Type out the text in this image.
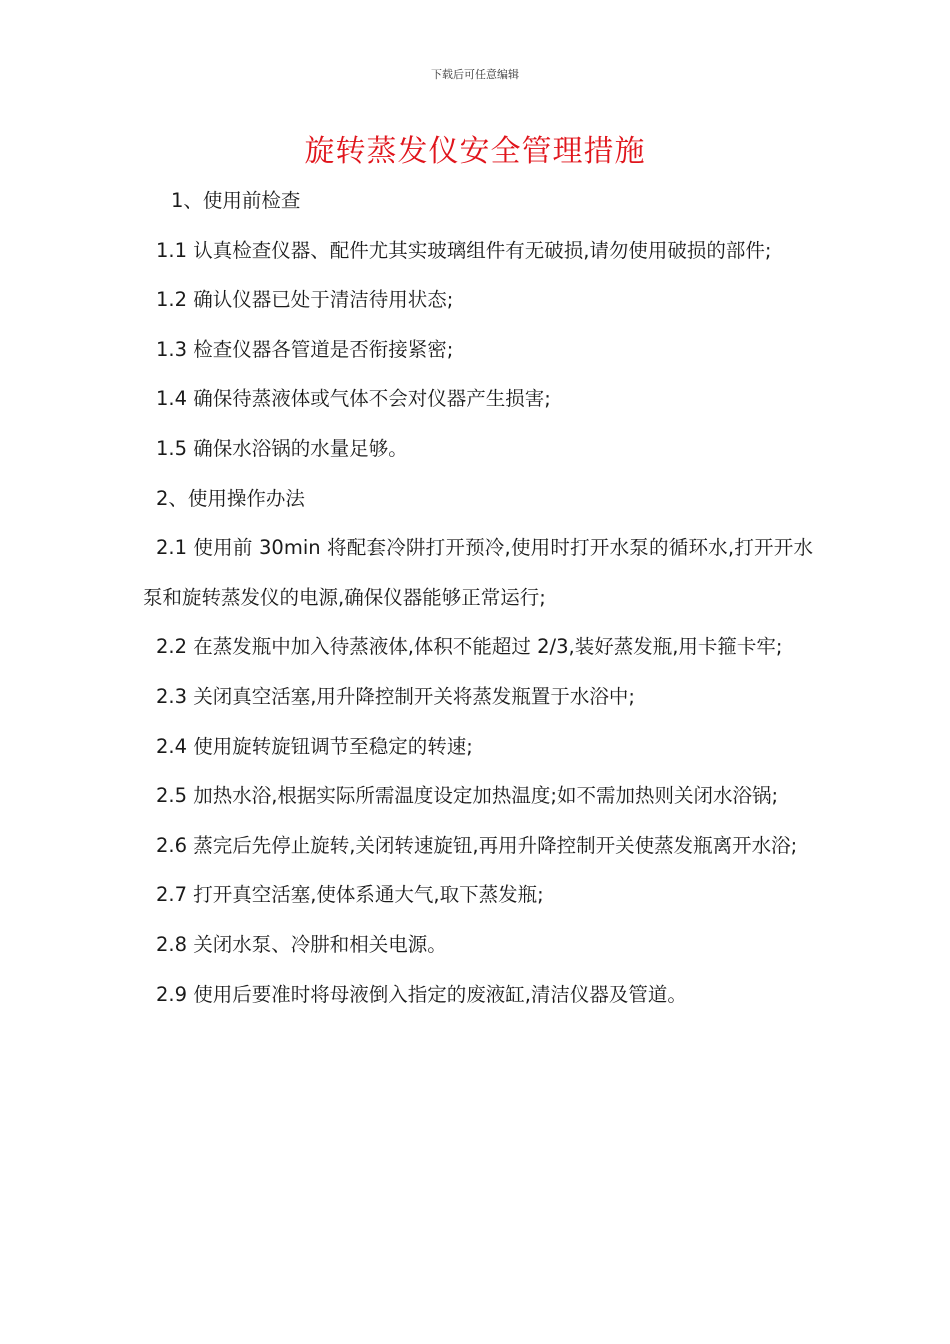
下载后可任意编辑
旋转蒸发仪安全管理措施

1、使用前检查

1.1 认真检查仪器、配件尤其实玻璃组件有无破损,请勿使用破损的部件;

1.2 确认仪器已处于清洁待用状态;

1.3 检查仪器各管道是否衔接紧密;

1.4 确保待蒸液体或气体不会对仪器产生损害;

1.5 确保水浴锅的水量足够。

2、使用操作办法

2.1 使用前 30min 将配套冷阱打开预冷,使用时打开水泵的循环水,打开开水泵和旋转蒸发仪的电源,确保仪器能够正常运行;

2.2 在蒸发瓶中加入待蒸液体,体积不能超过 2/3,装好蒸发瓶,用卡箍卡牢;

2.3 关闭真空活塞,用升降控制开关将蒸发瓶置于水浴中;

2.4 使用旋转旋钮调节至稳定的转速;

2.5 加热水浴,根据实际所需温度设定加热温度;如不需加热则关闭水浴锅;

2.6 蒸完后先停止旋转,关闭转速旋钮,再用升降控制开关使蒸发瓶离开水浴;

2.7 打开真空活塞,使体系通大气,取下蒸发瓶;

2.8 关闭水泵、冷肼和相关电源。

2.9 使用后要准时将母液倒入指定的废液缸,清洁仪器及管道。
